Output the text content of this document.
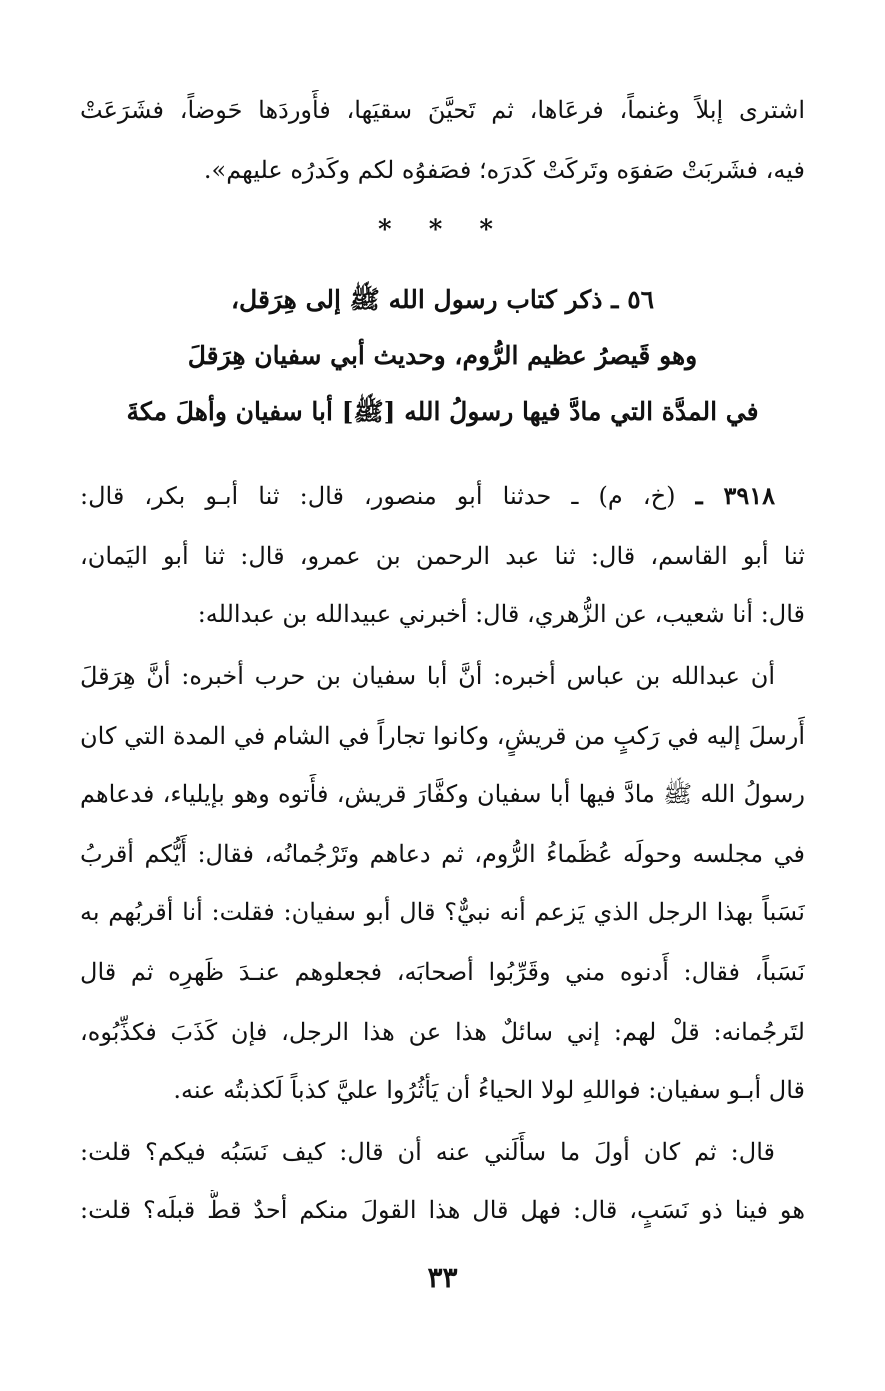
اشترى إبلاً وغنماً، فرعَاها، ثم تَحيَّنَ سقيَها، فأَوردَها حَوضاً، فشَرَعَتْ
فيه، فشَربَتْ صَفوَه وتَركَتْ كَدرَه؛ فصَفوُه لكم وكَدرُه عليهم».
* * *
٥٦ ـ ذكر كتاب رسول الله ﷺ إلى هِرَقل،
وهو قَيصرُ عظيم الرُّوم، وحديث أبي سفيان هِرَقلَ
في المدَّة التي مادَّ فيها رسولُ الله [ﷺ] أبا سفيان وأهلَ مكةَ
٣٩١٨ ـ (خ، م) ـ حدثنا أبو منصور، قال: ثنا أبـو بكر، قال:
ثنا أبو القاسم، قال: ثنا عبد الرحمن بن عمرو، قال: ثنا أبو اليَمان،
قال: أنا شعيب، عن الزُّهري، قال: أخبرني عبيدالله بن عبدالله:
أن عبدالله بن عباس أخبره: أنَّ أبا سفيان بن حرب أخبره: أنَّ هِرَقلَ
أَرسلَ إليه في رَكبٍ من قريشٍ، وكانوا تجاراً في الشام في المدة التي كان
رسولُ الله ﷺ مادَّ فيها أبا سفيان وكفَّارَ قريش، فأَتوه وهو بإيلياء، فدعاهم
في مجلسه وحولَه عُظَماءُ الرُّوم، ثم دعاهم وتَرْجُمانُه، فقال: أَيُّكم أقربُ
نَسَباً بهذا الرجل الذي يَزعم أنه نبيٌّ؟ قال أبو سفيان: فقلت: أنا أقربُهم به
نَسَباً، فقال: أَدنوه مني وقَرِّبُوا أصحابَه، فجعلوهم عنـدَ ظَهرِه ثم قال
لتَرجُمانه: قلْ لهم: إني سائلٌ هذا عن هذا الرجل، فإن كَذَبَ فكذِّبُوه،
قال أبـو سفيان: فواللهِ لولا الحياءُ أن يَأثُرُوا عليَّ كذباً لَكذبتُه عنه.
قال: ثم كان أولَ ما سأَلَني عنه أن قال: كيف نَسَبُه فيكم؟ قلت:
هو فينا ذو نَسَبٍ، قال: فهل قال هذا القولَ منكم أحدٌ قطُّ قبلَه؟ قلت:
٣٣
